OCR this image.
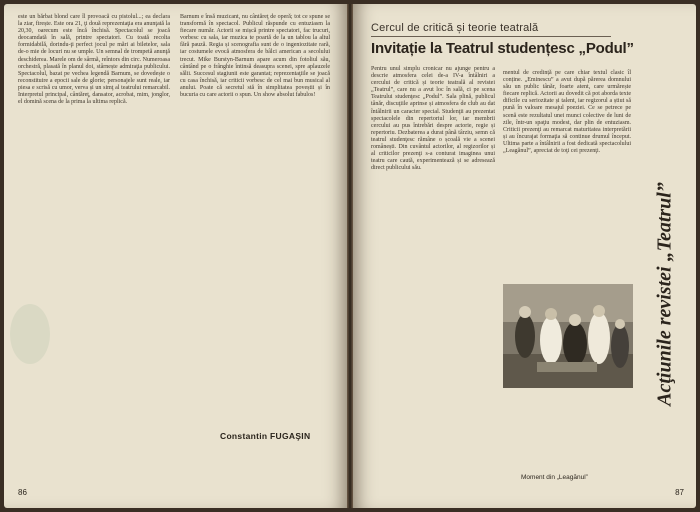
este un bărbat blond care îl provoacă cu pistolul...; ea declara la ziar, firește. Este ora 21, ţi două reprezentaţia era anunţată la 20,30, oarecum este încă închisă. Spectacolul se joacă deocamdată în sală, printre spectatori. Cu toată recolta formidabilă, dorindu-ţi perfect jocul pe mări ai biletelor, sala de-o mie de locuri nu se umple. Un semnal de trompetă anunţă deschiderea. Marele om de sârmă, reîntors din circ. Numeroasa orchestră, plasată în planul doi, stârnește admiraţia publicului. Spectacolul, bazat pe vechea legendă Barnum, se dovedește o reconstituire a epocii sale de glorie; personajele sunt reale, iar piesa e scrisă cu umor, verva și un simţ al teatrului remarcabil. Interpretul principal, cântăreţ, dansator, acrobat, mim, jonglor, el domină scena de la prima la ultima replică.
Barnum e însă muzicant, nu cântăreţ de operă; tot ce spune se transformă în spectacol. Publicul răspunde cu entuziasm la fiecare număr. Actorii se mișcă printre spectatori, fac trucuri, vorbesc cu sala, iar muzica te poartă de la un tablou la altul fără pauză. Regia și scenografia sunt de o ingeniozitate rară, iar costumele evocă atmosfera de bâlci american a secolului trecut. Mike Burstyn-Barnum apare acum din fotoliul său, cântând pe o frânghie întinsă deasupra scenei, spre aplauzele sălii. Succesul stagiunii este garantat; reprezentaţiile se joacă cu casa închisă, iar criticii vorbesc de cel mai bun musical al anului. Poate că secretul stă în simplitatea poveștii și în bucuria cu care actorii o spun. Un show absolut fabulos!
Constantin FUGAŞIN
86
Cercul de critică și teorie teatrală
Invitație la Teatrul studențesc „Podul”
Pentru unul simplu cronicar nu ajunge pentru a descrie atmosfera celei de-a IV-a întâlniri a cercului de critică și teorie teatrală al revistei „Teatrul”, care nu a avut loc în sală, ci pe scena Teatrului studenţesc „Podul”. Sala plină, publicul tânăr, discuţiile aprinse și atmosfera de club au dat întâlnirii un caracter special. Studenţii au prezentat spectacolele din repertoriul lor, iar membrii cercului au pus întrebări despre actorie, regie și repertoriu. Dezbaterea a durat până târziu, semn că teatrul studenţesc rămâne o școală vie a scenei românești. Din cuvântul actorilor, al regizorilor și al criticilor prezenţi s-a conturat imaginea unui teatru care caută, experimentează și se adresează direct publicului său.
mentul de credință pe care chiar textul clasic îl conține. „Eminescu” a avut după părerea domnului său un public tânăr, foarte atent, care urmărește fiecare replică. Actorii au dovedit că pot aborda texte dificile cu seriozitate și talent, iar regizorul a știut să pună în valoare mesajul poeziei. Ce se petrece pe scenă este rezultatul unei munci colective de luni de zile, într-un spaţiu modest, dar plin de entuziasm. Criticii prezenţi au remarcat maturitatea interpretării și au încurajat formaţia să continue drumul început. Ultima parte a întâlnirii a fost dedicată spectacolului „Leagănul”, apreciat de toţi cei prezenţi.
Moment din „Leagănul”
Acţiunile revistei „Teatrul”
87
